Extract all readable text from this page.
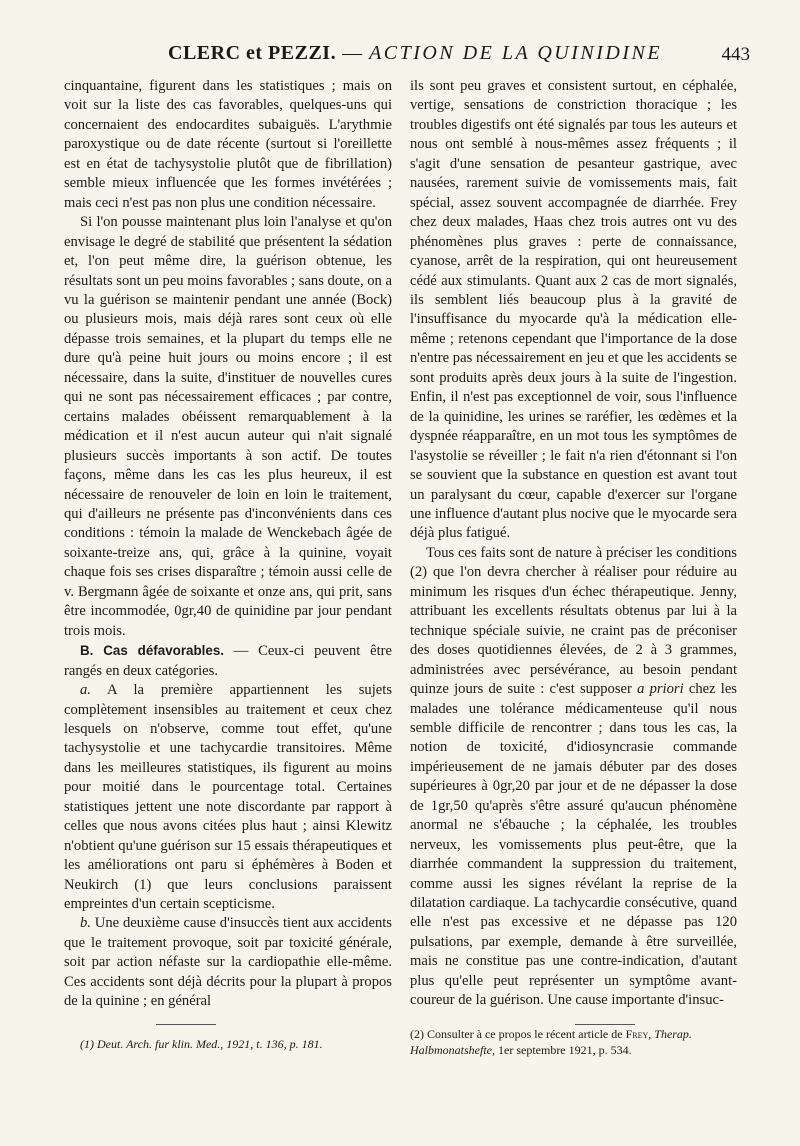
CLERC et PEZZI. — ACTION DE LA QUINIDINE	443

cinquantaine, figurent dans les statistiques ; mais on voit sur la liste des cas favorables, quelques-uns qui concernaient des endocardites subaiguës. L'arythmie paroxystique ou de date récente (surtout si l'oreillette est en état de tachysystolie plutôt que de fibrillation) semble mieux influencée que les formes invétérées ; mais ceci n'est pas non plus une condition nécessaire.

Si l'on pousse maintenant plus loin l'analyse et qu'on envisage le degré de stabilité que présentent la sédation et, l'on peut même dire, la guérison obtenue, les résultats sont un peu moins favorables ; sans doute, on a vu la guérison se maintenir pendant une année (Bock) ou plusieurs mois, mais déjà rares sont ceux où elle dépasse trois semaines, et la plupart du temps elle ne dure qu'à peine huit jours ou moins encore ; il est nécessaire, dans la suite, d'instituer de nouvelles cures qui ne sont pas nécessairement efficaces ; par contre, certains malades obéissent remarquablement à la médication et il n'est aucun auteur qui n'ait signalé plusieurs succès importants à son actif. De toutes façons, même dans les cas les plus heureux, il est nécessaire de renouveler de loin en loin le traitement, qui d'ailleurs ne présente pas d'inconvénients dans ces conditions : témoin la malade de Wenckebach âgée de soixante-treize ans, qui, grâce à la quinine, voyait chaque fois ses crises disparaître ; témoin aussi celle de v. Bergmann âgée de soixante et onze ans, qui prit, sans être incommodée, 0gr,40 de quinidine par jour pendant trois mois.

B. Cas défavorables. — Ceux-ci peuvent être rangés en deux catégories.

a. A la première appartiennent les sujets complètement insensibles au traitement et ceux chez lesquels on n'observe, comme tout effet, qu'une tachysystolie et une tachycardie transitoires. Même dans les meilleures statistiques, ils figurent au moins pour moitié dans le pourcentage total. Certaines statistiques jettent une note discordante par rapport à celles que nous avons citées plus haut ; ainsi Klewitz n'obtient qu'une guérison sur 15 essais thérapeutiques et les améliorations ont paru si éphémères à Boden et Neukirch (1) que leurs conclusions paraissent empreintes d'un certain scepticisme.

b. Une deuxième cause d'insuccès tient aux accidents que le traitement provoque, soit par toxicité générale, soit par action néfaste sur la cardiopathie elle-même. Ces accidents sont déjà décrits pour la plupart à propos de la quinine ; en général

ils sont peu graves et consistent surtout, en céphalée, vertige, sensations de constriction thoracique ; les troubles digestifs ont été signalés par tous les auteurs et nous ont semblé à nous-mêmes assez fréquents ; il s'agit d'une sensation de pesanteur gastrique, avec nausées, rarement suivie de vomissements mais, fait spécial, assez souvent accompagnée de diarrhée. Frey chez deux malades, Haas chez trois autres ont vu des phénomènes plus graves : perte de connaissance, cyanose, arrêt de la respiration, qui ont heureusement cédé aux stimulants. Quant aux 2 cas de mort signalés, ils semblent liés beaucoup plus à la gravité de l'insuffisance du myocarde qu'à la médication elle-même ; retenons cependant que l'importance de la dose n'entre pas nécessairement en jeu et que les accidents se sont produits après deux jours à la suite de l'ingestion. Enfin, il n'est pas exceptionnel de voir, sous l'influence de la quinidine, les urines se raréfier, les œdèmes et la dyspnée réapparaître, en un mot tous les symptômes de l'asystolie se réveiller ; le fait n'a rien d'étonnant si l'on se souvient que la substance en question est avant tout un paralysant du cœur, capable d'exercer sur l'organe une influence d'autant plus nocive que le myocarde sera déjà plus fatigué.

Tous ces faits sont de nature à préciser les conditions (2) que l'on devra chercher à réaliser pour réduire au minimum les risques d'un échec thérapeutique. Jenny, attribuant les excellents résultats obtenus par lui à la technique spéciale suivie, ne craint pas de préconiser des doses quotidiennes élevées, de 2 à 3 grammes, administrées avec persévérance, au besoin pendant quinze jours de suite : c'est supposer a priori chez les malades une tolérance médicamenteuse qu'il nous semble difficile de rencontrer ; dans tous les cas, la notion de toxicité, d'idiosyncrasie commande impérieusement de ne jamais débuter par des doses supérieures à 0gr,20 par jour et de ne dépasser la dose de 1gr,50 qu'après s'être assuré qu'aucun phénomène anormal ne s'ébauche ; la céphalée, les troubles nerveux, les vomissements plus peut-être, que la diarrhée commandent la suppression du traitement, comme aussi les signes révélant la reprise de la dilatation cardiaque. La tachycardie consécutive, quand elle n'est pas excessive et ne dépasse pas 120 pulsations, par exemple, demande à être surveillée, mais ne constitue pas une contre-indication, d'autant plus qu'elle peut représenter un symptôme avant-coureur de la guérison. Une cause importante d'insuc-

(1) Deut. Arch. fur klin. Med., 1921, t. 136, p. 181.
(2) Consulter à ce propos le récent article de Frey, Therap. Halbmonatshefte, 1er septembre 1921, p. 534.
